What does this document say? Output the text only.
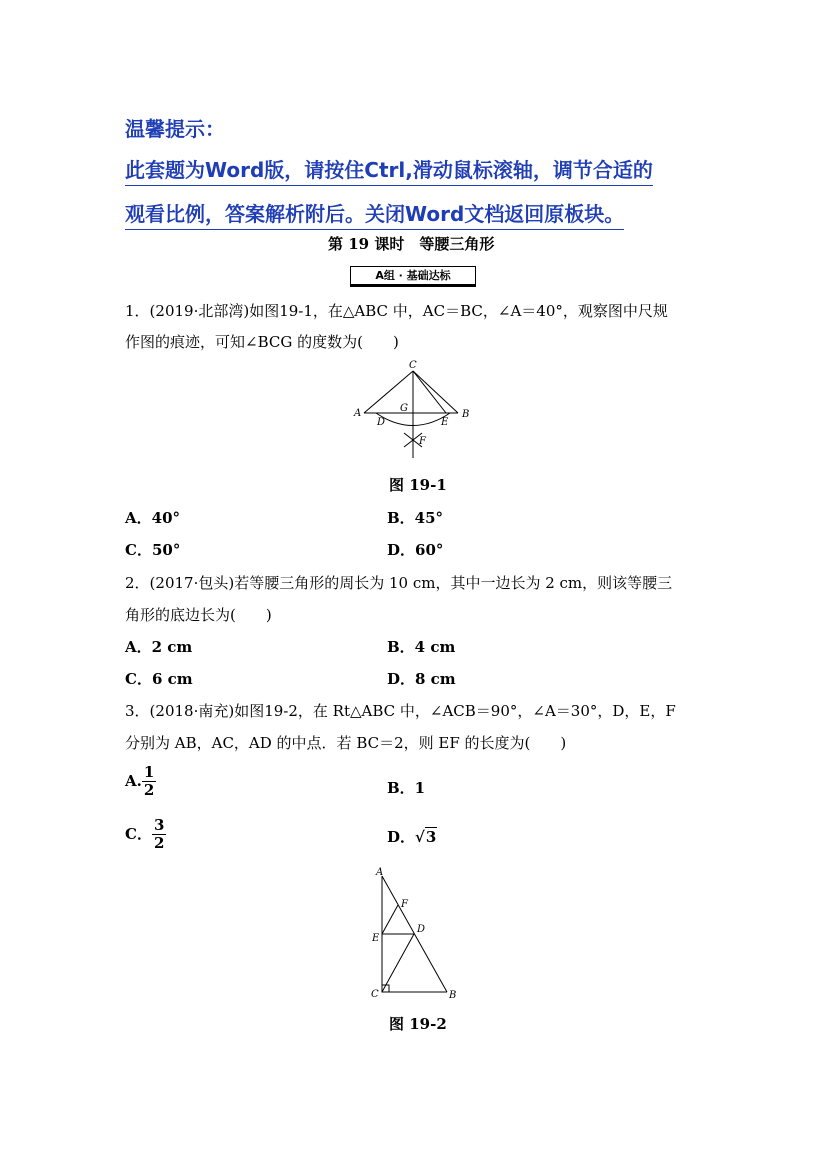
温馨提示：
此套题为Word版，请按住Ctrl,滑动鼠标滚轴，调节合适的
观看比例，答案解析附后。关闭Word文档返回原板块。
第 19 课时　等腰三角形
A组 · 基础达标
1．(2019·北部湾)如图19-1，在△ABC 中，AC＝BC，∠A＝40°，观察图中尺规
作图的痕迹，可知∠BCG 的度数为(　　)
C
A	B
G
D	E
F
图 19-1
A．40°	B．45°
C．50°	D．60°
2．(2017·包头)若等腰三角形的周长为 10 cm，其中一边长为 2 cm，则该等腰三
角形的底边长为(　　)
A．2 cm	B．4 cm
C．6 cm	D．8 cm
3．(2018·南充)如图19-2，在 Rt△ABC 中，∠ACB＝90°，∠A＝30°，D，E，F
分别为 AB，AC，AD 的中点．若 BC＝2，则 EF 的长度为(　　)
A. $\frac{1}{2}$	B．1
C． $\frac{3}{2}$	D．√3
A
F
D
E
C	B
图 19-2
